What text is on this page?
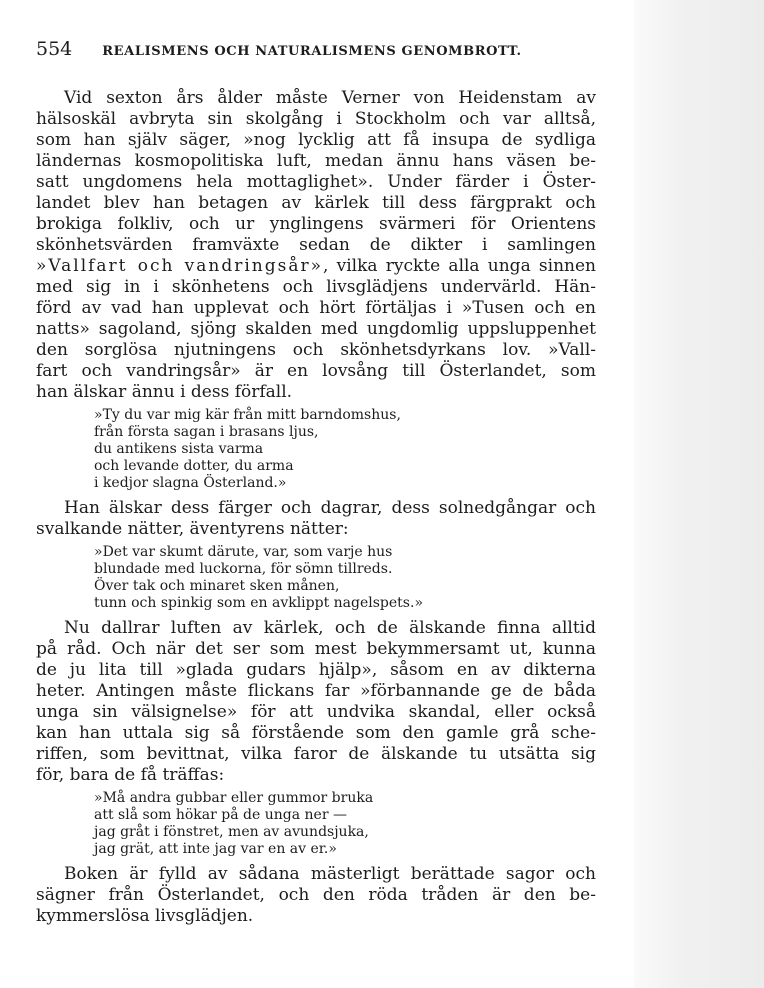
554 REALISMENS OCH NATURALISMENS GENOMBROTT.
Vid sexton års ålder måste Verner von Heidenstam av
hälsoskäl avbryta sin skolgång i Stockholm och var alltså,
som han själv säger, »nog lycklig att få insupa de sydliga
ländernas kosmopolitiska luft, medan ännu hans väsen be-
satt ungdomens hela mottaglighet». Under färder i Öster-
landet blev han betagen av kärlek till dess färgprakt och
brokiga folkliv, och ur ynglingens svärmeri för Orientens
skönhetsvärden framväxte sedan de dikter i samlingen
»Vallfart och vandringsår», vilka ryckte alla unga sinnen
med sig in i skönhetens och livsglädjens undervärld. Hän-
förd av vad han upplevat och hört förtäljas i »Tusen och en
natts» sagoland, sjöng skalden med ungdomlig uppsluppenhet
den sorglösa njutningens och skönhetsdyrkans lov. »Vall-
fart och vandringsår» är en lovsång till Österlandet, som
han älskar ännu i dess förfall.
»Ty du var mig kär från mitt barndomshus,
från första sagan i brasans ljus,
du antikens sista varma
och levande dotter, du arma
i kedjor slagna Österland.»
Han älskar dess färger och dagrar, dess solnedgångar och
svalkande nätter, äventyrens nätter:
»Det var skumt därute, var, som varje hus
blundade med luckorna, för sömn tillreds.
Över tak och minaret sken månen,
tunn och spinkig som en avklippt nagelspets.»
Nu dallrar luften av kärlek, och de älskande finna alltid
på råd. Och när det ser som mest bekymmersamt ut, kunna
de ju lita till »glada gudars hjälp», såsom en av dikterna
heter. Antingen måste flickans far »förbannande ge de båda
unga sin välsignelse» för att undvika skandal, eller också
kan han uttala sig så förstående som den gamle grå sche-
riffen, som bevittnat, vilka faror de älskande tu utsätta sig
för, bara de få träffas:
»Må andra gubbar eller gummor bruka
att slå som hökar på de unga ner —
jag gråt i fönstret, men av avundsjuka,
jag grät, att inte jag var en av er.»
Boken är fylld av sådana mästerligt berättade sagor och
sägner från Österlandet, och den röda tråden är den be-
kymmerslösa livsglädjen.
